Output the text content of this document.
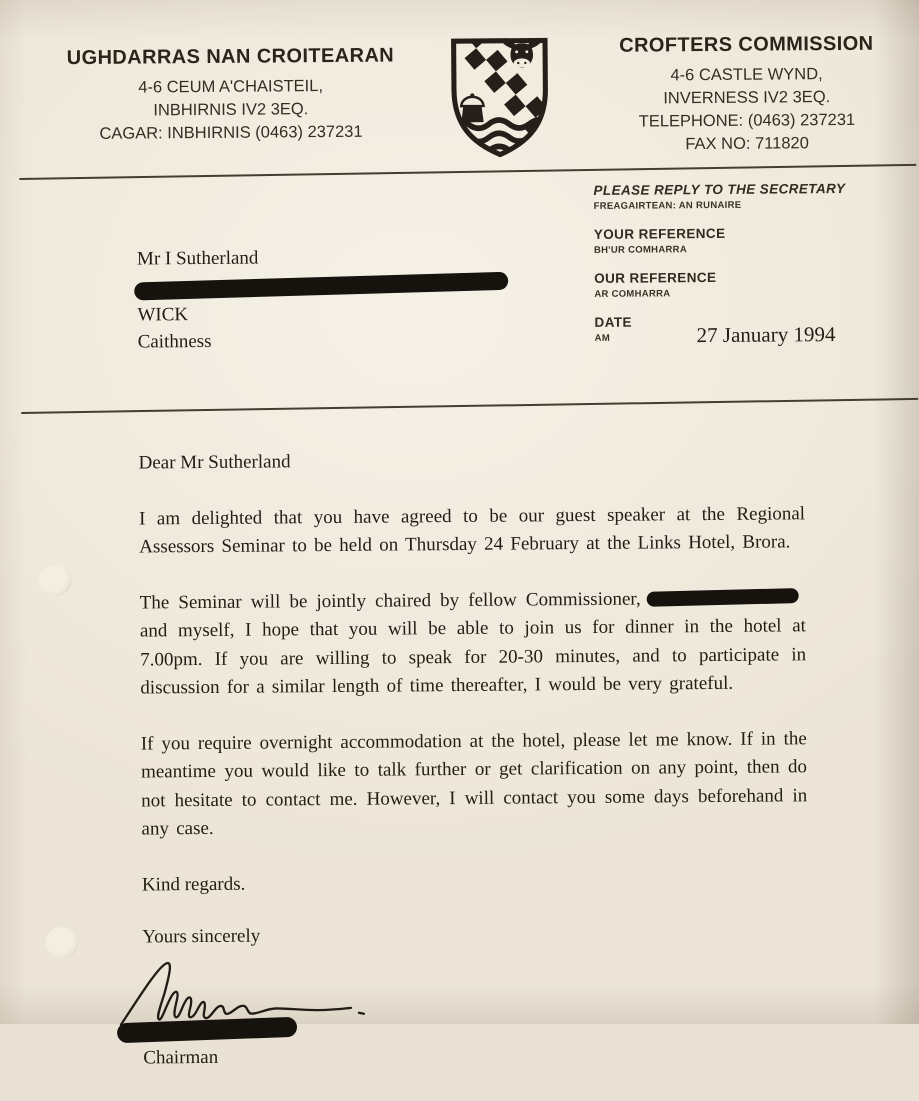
UGHDARRAS NAN CROITEARAN
4-6 CEUM A'CHAISTEIL,
INBHIRNIS IV2 3EQ.
CAGAR: INBHIRNIS (0463) 237231
CROFTERS COMMISSION
4-6 CASTLE WYND,
INVERNESS IV2 3EQ.
TELEPHONE: (0463) 237231
FAX NO: 711820
PLEASE REPLY TO THE SECRETARY
FREAGAIRTEAN: AN RUNAIRE
YOUR REFERENCE
BH'UR COMHARRA
OUR REFERENCE
AR COMHARRA
DATE
AM	27 January 1994
Mr I Sutherland
WICK
Caithness

Dear Mr Sutherland

I am delighted that you have agreed to be our guest speaker at the Regional Assessors Seminar to be held on Thursday 24 February at the Links Hotel, Brora.

The Seminar will be jointly chaired by fellow Commissioner,and myself, I hope that you will be able to join us for dinner in the hotel at 7.00pm. If you are willing to speak for 20-30 minutes, and to participate in discussion for a similar length of time thereafter, I would be very grateful.

If you require overnight accommodation at the hotel, please let me know. If in the meantime you would like to talk further or get clarification on any point, then do not hesitate to contact me. However, I will contact you some days beforehand in any case.

Kind regards.

Yours sincerely

Chairman
